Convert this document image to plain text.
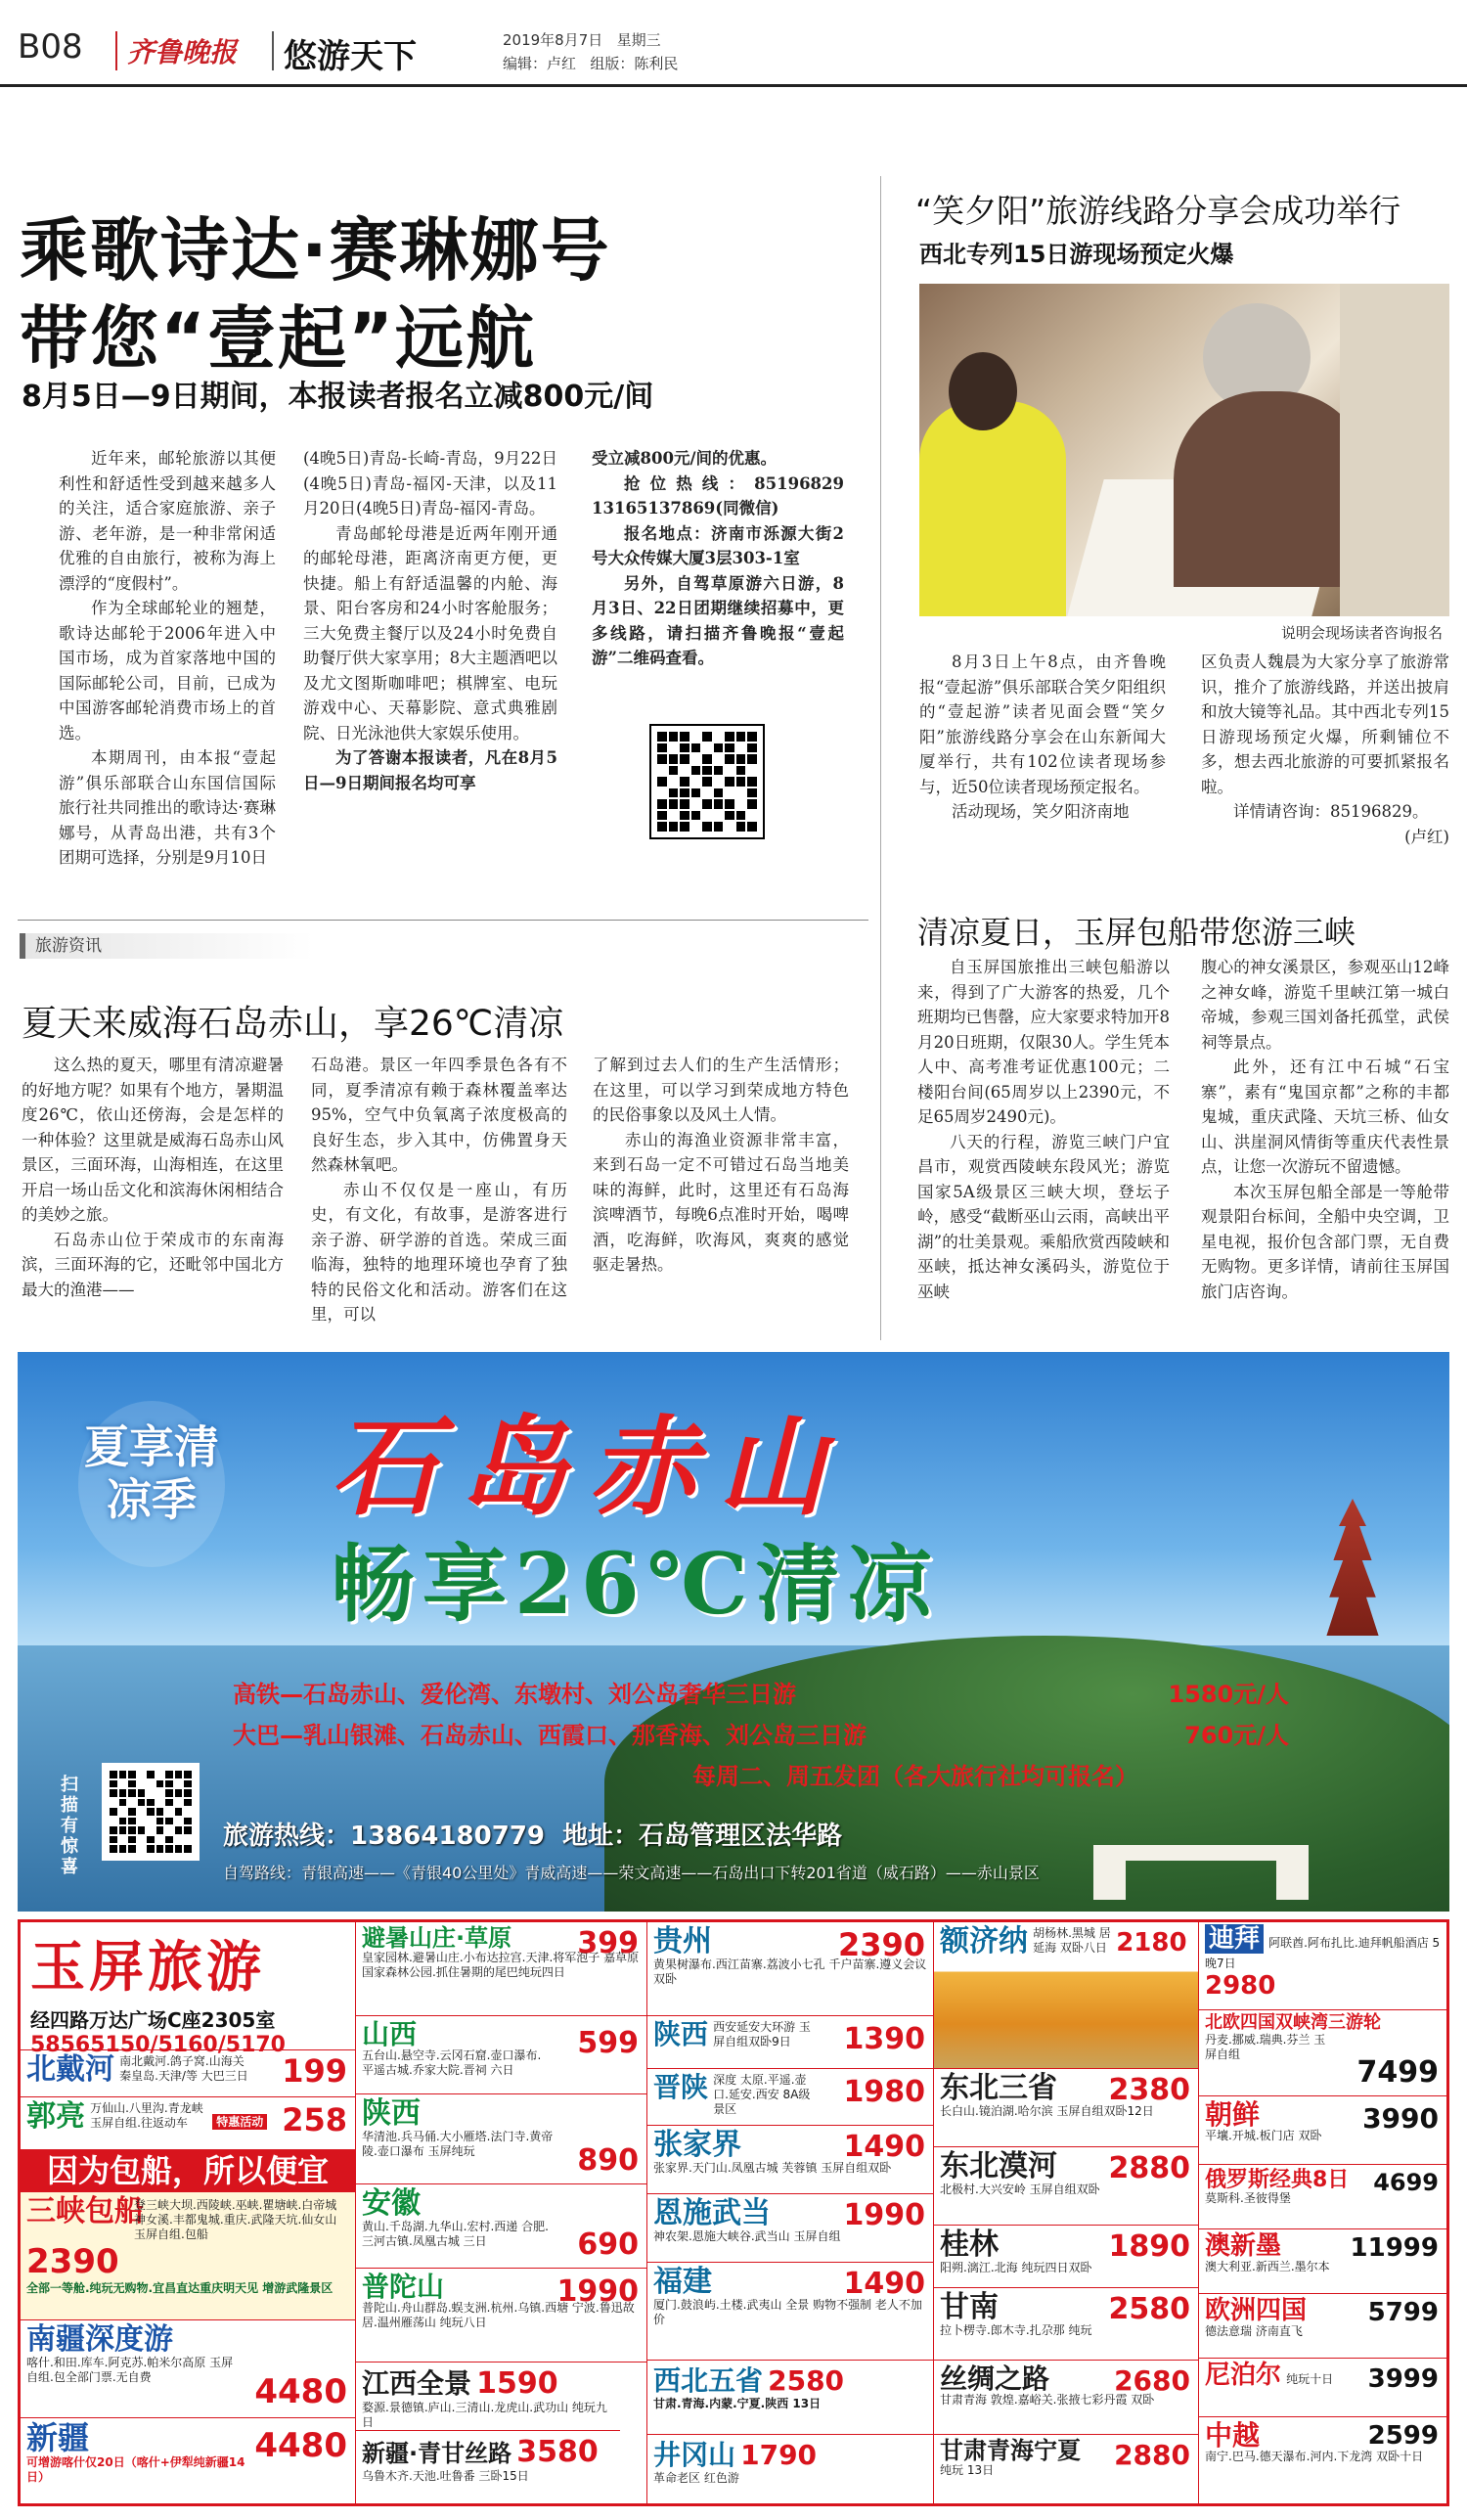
B08 齐鲁晚报 悠游天下	2019年8月7日 星期三
编辑：卢红 组版：陈利民
乘歌诗达·赛琳娜号
带您“壹起”远航
8月5日—9日期间，本报读者报名立减800元/间

近年来，邮轮旅游以其便利性和舒适性受到越来越多人的关注，适合家庭旅游、亲子游、老年游，是一种非常闲适优雅的自由旅行，被称为海上漂浮的“度假村”。

作为全球邮轮业的翘楚，歌诗达邮轮于2006年进入中国市场，成为首家落地中国的国际邮轮公司，目前，已成为中国游客邮轮消费市场上的首选。

本期周刊，由本报“壹起游”俱乐部联合山东国信国际旅行社共同推出的歌诗达·赛琳娜号，从青岛出港，共有3个团期可选择，分别是9月10日

(4晚5日)青岛-长崎-青岛，9月22日(4晚5日)青岛-福冈-天津，以及11月20日(4晚5日)青岛-福冈-青岛。

青岛邮轮母港是近两年刚开通的邮轮母港，距离济南更方便，更快捷。船上有舒适温馨的内舱、海景、阳台客房和24小时客舱服务；三大免费主餐厅以及24小时免费自助餐厅供大家享用；8大主题酒吧以及尤文图斯咖啡吧；棋牌室、电玩游戏中心、天幕影院、意式典雅剧院、日光泳池供大家娱乐使用。

为了答谢本报读者，凡在8月5日—9日期间报名均可享

受立减800元/间的优惠。

抢位热线：85196829 13165137869(同微信)

报名地点：济南市泺源大街2号大众传媒大厦3层303-1室

另外，自驾草原游六日游，8月3日、22日团期继续招募中，更多线路，请扫描齐鲁晚报“壹起游”二维码查看。

“笑夕阳”旅游线路分享会成功举行
西北专列15日游现场预定火爆
说明会现场读者咨询报名

8月3日上午8点，由齐鲁晚报“壹起游”俱乐部联合笑夕阳组织的“壹起游”读者见面会暨“笑夕阳”旅游线路分享会在山东新闻大厦举行，共有102位读者现场参与，近50位读者现场预定报名。

活动现场，笑夕阳济南地

区负责人魏晨为大家分享了旅游常识，推介了旅游线路，并送出披肩和放大镜等礼品。其中西北专列15日游现场预定火爆，所剩铺位不多，想去西北旅游的可要抓紧报名啦。

详情请咨询：85196829。

(卢红)

旅游资讯
夏天来威海石岛赤山，享26℃清凉

这么热的夏天，哪里有清凉避暑的好地方呢？如果有个地方，暑期温度26℃，依山还傍海，会是怎样的一种体验？这里就是威海石岛赤山风景区，三面环海，山海相连，在这里开启一场山岳文化和滨海休闲相结合的美妙之旅。

石岛赤山位于荣成市的东南海滨，三面环海的它，还毗邻中国北方最大的渔港——

石岛港。景区一年四季景色各有不同，夏季清凉有赖于森林覆盖率达95%，空气中负氧离子浓度极高的良好生态，步入其中，仿佛置身天然森林氧吧。

赤山不仅仅是一座山，有历史，有文化，有故事，是游客进行亲子游、研学游的首选。荣成三面临海，独特的地理环境也孕育了独特的民俗文化和活动。游客们在这里，可以

了解到过去人们的生产生活情形；在这里，可以学习到荣成地方特色的民俗事象以及风土人情。

赤山的海渔业资源非常丰富，来到石岛一定不可错过石岛当地美味的海鲜，此时，这里还有石岛海滨啤酒节，每晚6点准时开始，喝啤酒，吃海鲜，吹海风，爽爽的感觉驱走暑热。

清凉夏日，玉屏包船带您游三峡

自玉屏国旅推出三峡包船游以来，得到了广大游客的热爱，几个班期均已售罄，应大家要求特加开8月20日班期，仅限30人。学生凭本人中、高考准考证优惠100元；二楼阳台间(65周岁以上2390元，不足65周岁2490元)。

八天的行程，游览三峡门户宜昌市，观赏西陵峡东段风光；游览国家5A级景区三峡大坝，登坛子岭，感受“截断巫山云雨，高峡出平湖”的壮美景观。乘船欣赏西陵峡和巫峡，抵达神女溪码头，游览位于巫峡

腹心的神女溪景区，参观巫山12峰之神女峰，游览千里峡江第一城白帝城，参观三国刘备托孤堂，武侯祠等景点。

此外，还有江中石城“石宝寨”，素有“鬼国京都”之称的丰都鬼城，重庆武隆、天坑三桥、仙女山、洪崖洞风情街等重庆代表性景点，让您一次游玩不留遗憾。

本次玉屏包船全部是一等舱带观景阳台标间，全船中央空调，卫星电视，报价包含部门票，无自费无购物。更多详情，请前往玉屏国旅门店咨询。

夏享清凉季 石岛赤山
畅享26℃清凉
高铁—石岛赤山、爱伦湾、东墩村、刘公岛奢华三日游	1580元/人
大巴—乳山银滩、石岛赤山、西霞口、那香海、刘公岛三日游	760元/人
每周二、周五发团（各大旅行社均可报名）
扫描有惊喜
旅游热线：13864180779 地址：石岛管理区法华路
自驾路线：青银高速——《青银40公里处》青威高速——荣文高速——石岛出口下转201省道（威石路）——赤山景区
玉屏旅游
经四路万达广场C座2305室
58565150/5160/5170
北戴河 南北戴河.鸽子窝.山海关 秦皇岛.天津/等 大巴三日 199
郭亮 万仙山.八里沟.青龙峡 玉屏自组.往返动车 特惠活动 258
因为包船，所以便宜
三峡包船
登三峡大坝.西陵峡.巫峡.瞿塘峡.白帝城 神女溪.丰都鬼城.重庆.武隆天坑.仙女山 玉屏自组.包船
2390
全部一等舱.纯玩无购物.宜昌直达重庆明天见 增游武隆景区
南疆深度游
喀什.和田.库车.阿克苏.帕米尔高原 玉屏自组.包全部门票.无自费	4480
新疆
可增游喀什仅20日（喀什+伊犁纯新疆14日）
4480
避暑山庄·草原
皇家园林.避暑山庄.小布达拉宫.天津.将军泡子 嘉草原国家森林公园.抓住暑期的尾巴纯玩四日
399
山西
五台山.悬空寺.云冈石窟.壶口瀑布.平遥古城.乔家大院.晋祠 六日
599
陕西
华清池.兵马俑.大小雁塔.法门寺.黄帝陵.壶口瀑布 玉屏纯玩	890
安徽
黄山.千岛湖.九华山.宏村.西递 合肥.三河古镇.凤凰古城 三日	690
普陀山	1990
普陀山.舟山群岛.蜈支洲.杭州.乌镇.西塘 宁波.鲁迅故居.温州雁荡山 纯玩八日
江西全景 1590
婺源.景德镇.庐山.三清山.龙虎山.武功山 纯玩九日
新疆·青甘丝路 3580
乌鲁木齐.天池.吐鲁番 三卧15日
贵州	2390
黄果树瀑布.西江苗寨.荔波小七孔 千户苗寨.遵义会议 双卧
陕西 西安延安大环游 玉屏自组双卧9日 1390
晋陕 深度 太原.平遥.壶口.延安.西安 8A级景区	1980
张家界	1490
张家界.天门山.凤凰古城 芙蓉镇 玉屏自组双卧
恩施武当 1990
神农架.恩施大峡谷.武当山 玉屏自组
福建	1490
厦门.鼓浪屿.土楼.武夷山 全景 购物不强制 老人不加价
西北五省 2580
甘肃.青海.内蒙.宁夏.陕西 13日
井冈山 1790
革命老区 红色游
额济纳 胡杨林.黑城 居延海 双卧八日 2180
东北三省 2380
长白山.镜泊湖.哈尔滨 玉屏自组双卧12日
东北漠河 2880
北极村.大兴安岭 玉屏自组双卧
桂林	1890
阳朔.漓江.北海 纯玩四日双卧
甘南	2580
拉卜楞寺.郎木寺.扎尕那 纯玩
丝绸之路 2680
甘肃青海 敦煌.嘉峪关.张掖七彩丹霞 双卧
甘肃青海宁夏 2880
纯玩 13日
迪拜 阿联酋.阿布扎比.迪拜帆船酒店 5晚7日
2980
北欧四国双峡湾三游轮
丹麦.挪威.瑞典.芬兰 玉屏自组
7499
朝鲜	3990
平壤.开城.板门店 双卧
俄罗斯经典8日 4699
莫斯科.圣彼得堡
澳新墨	11999
澳大利亚.新西兰.墨尔本
欧洲四国 5799
德法意瑞 济南直飞
尼泊尔 纯玩十日 3999
中越	2599
南宁.巴马.德天瀑布.河内.下龙湾 双卧十日
